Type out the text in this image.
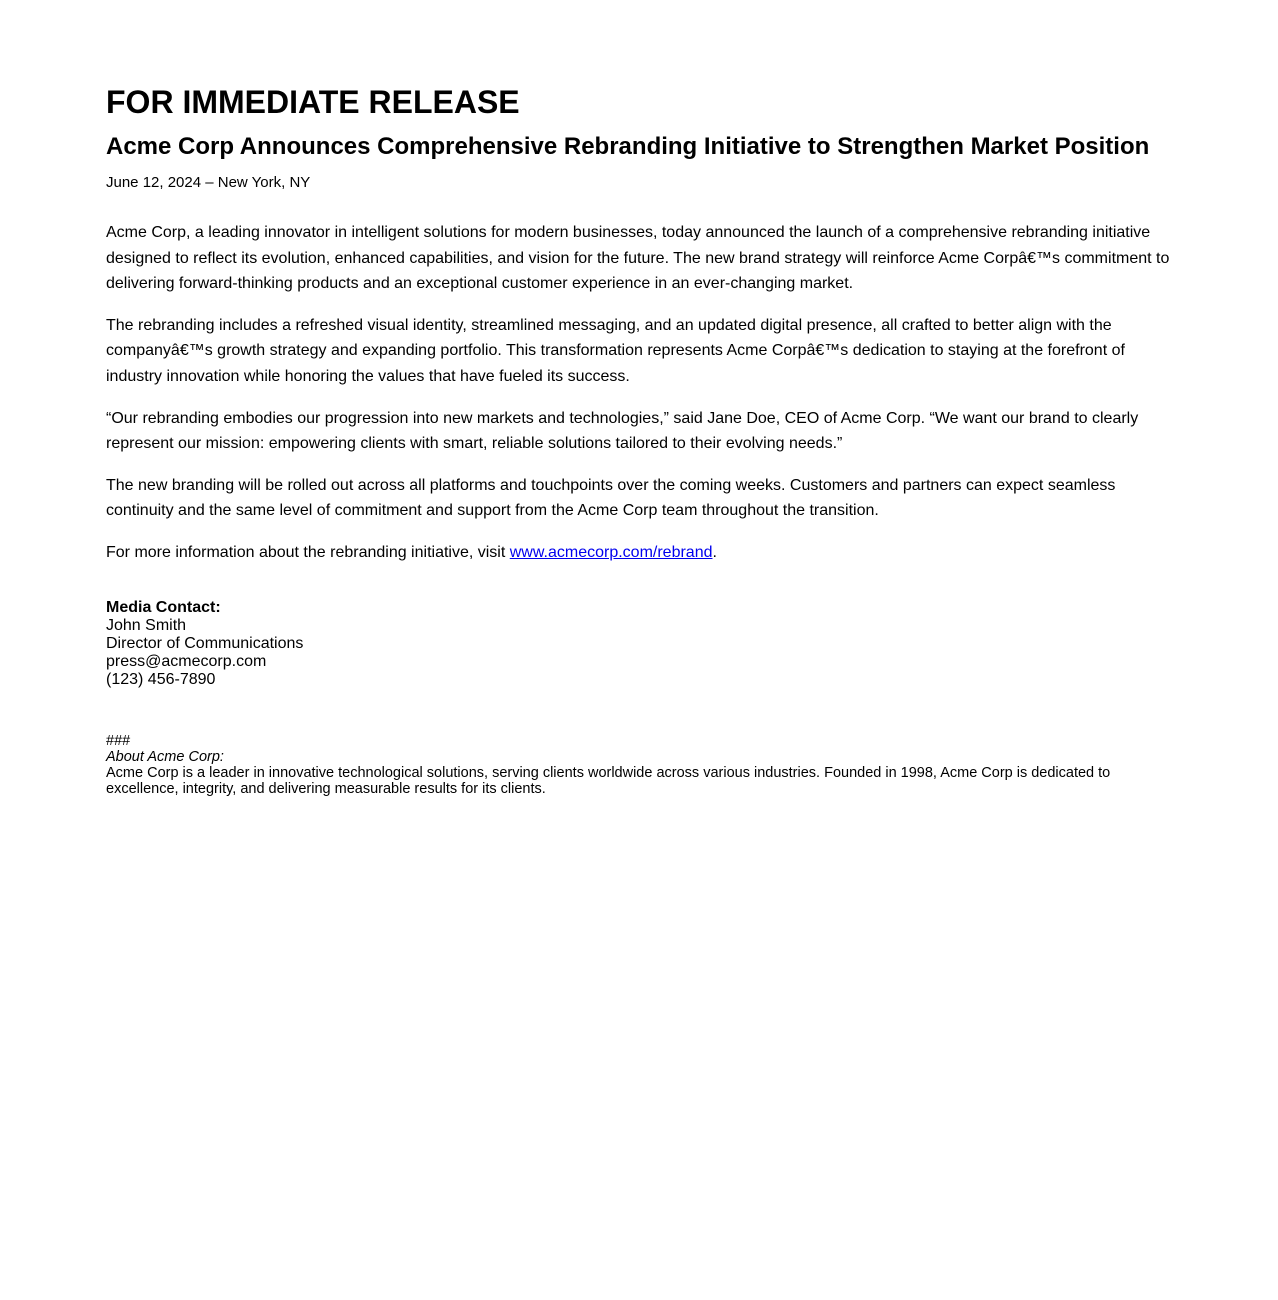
FOR IMMEDIATE RELEASE
Acme Corp Announces Comprehensive Rebranding Initiative to Strengthen Market Position

June 12, 2024 – New York, NY

Acme Corp, a leading innovator in intelligent solutions for modern businesses, today announced the launch of a comprehensive rebranding initiative designed to reflect its evolution, enhanced capabilities, and vision for the future. The new brand strategy will reinforce Acme Corpâ€™s commitment to delivering forward-thinking products and an exceptional customer experience in an ever-changing market.

The rebranding includes a refreshed visual identity, streamlined messaging, and an updated digital presence, all crafted to better align with the companyâ€™s growth strategy and expanding portfolio. This transformation represents Acme Corpâ€™s dedication to staying at the forefront of industry innovation while honoring the values that have fueled its success.

“Our rebranding embodies our progression into new markets and technologies,” said Jane Doe, CEO of Acme Corp. “We want our brand to clearly represent our mission: empowering clients with smart, reliable solutions tailored to their evolving needs.”

The new branding will be rolled out across all platforms and touchpoints over the coming weeks. Customers and partners can expect seamless continuity and the same level of commitment and support from the Acme Corp team throughout the transition.

For more information about the rebranding initiative, visit www.acmecorp.com/rebrand.

Media Contact:
John Smith
Director of Communications
press@acmecorp.com
(123) 456-7890
###
About Acme Corp:
Acme Corp is a leader in innovative technological solutions, serving clients worldwide across various industries. Founded in 1998, Acme Corp is dedicated to excellence, integrity, and delivering measurable results for its clients.
